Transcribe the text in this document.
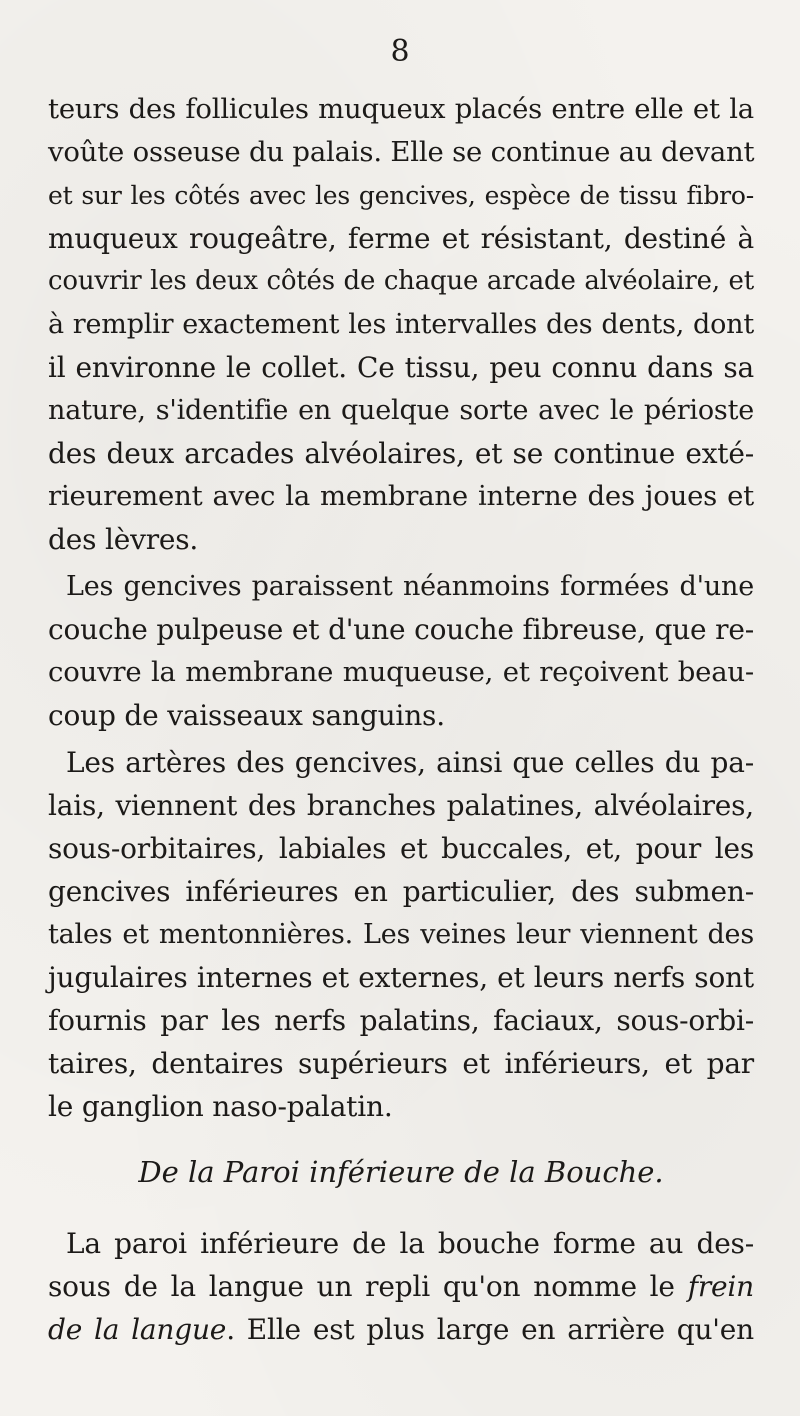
8
teurs des follicules muqueux placés entre elle et la
voûte osseuse du palais. Elle se continue au devant
et sur les côtés avec les gencives, espèce de tissu fibro-
muqueux rougeâtre, ferme et résistant, destiné à
couvrir les deux côtés de chaque arcade alvéolaire, et
à remplir exactement les intervalles des dents, dont
il environne le collet. Ce tissu, peu connu dans sa
nature, s'identifie en quelque sorte avec le périoste
des deux arcades alvéolaires, et se continue exté-
rieurement avec la membrane interne des joues et
des lèvres.
Les gencives paraissent néanmoins formées d'une
couche pulpeuse et d'une couche fibreuse, que re-
couvre la membrane muqueuse, et reçoivent beau-
coup de vaisseaux sanguins.
Les artères des gencives, ainsi que celles du pa-
lais, viennent des branches palatines, alvéolaires,
sous-orbitaires, labiales et buccales, et, pour les
gencives inférieures en particulier, des submen-
tales et mentonnières. Les veines leur viennent des
jugulaires internes et externes, et leurs nerfs sont
fournis par les nerfs palatins, faciaux, sous-orbi-
taires, dentaires supérieurs et inférieurs, et par
le ganglion naso-palatin.
De la Paroi inférieure de la Bouche.
La paroi inférieure de la bouche forme au des-
sous de la langue un repli qu'on nomme le frein
de la langue. Elle est plus large en arrière qu'en
